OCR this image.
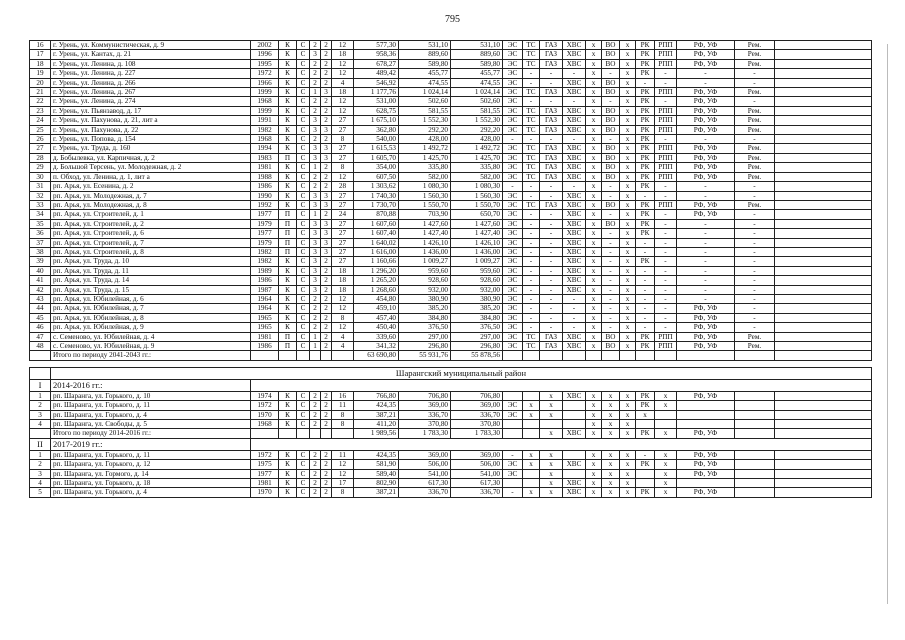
795
16	г. Урень, ул. Коммунистическая, д. 9	2002	К	С	2	2	12	577,30	531,10	531,10	ЭС	ТС	ГАЗ	ХВС	х	ВО	х	РК	РПП	РФ, УФ	Рем.	
17	г. Урень, ул. Кантах, д. 21	1996	К	С	3	2	18	958,36	889,60	889,60	ЭС	ТС	ГАЗ	ХВС	х	ВО	х	РК	РПП	РФ, УФ	Рем.	
18	г. Урень, ул. Ленина, д. 108	1995	К	С	2	2	12	678,27	589,80	589,80	ЭС	ТС	ГАЗ	ХВС	х	ВО	х	РК	РПП	РФ, УФ	Рем.	
19	г. Урень, ул. Ленина, д. 227	1972	К	С	2	2	12	489,42	455,77	455,77	ЭС	-	-	-	х	-	х	РК	-	-	-	
20	г. Урень, ул. Ленина, д. 266	1966	К	С	2	2	4	546,92	474,55	474,55	ЭС	-	-	ХВС	х	ВО	х	-	-	-	-	
21	г. Урень, ул. Ленина, д. 267	1999	К	С	1	3	18	1 177,76	1 024,14	1 024,14	ЭС	ТС	ГАЗ	ХВС	х	ВО	х	РК	РПП	РФ, УФ	Рем.	
22	г. Урень, ул. Ленина, д. 274	1968	К	С	2	2	12	531,00	502,60	502,60	ЭС	-	-	-	х	-	х	РК	-	РФ, УФ	-	
23	г. Урень, ул. Пьянзавод, д. 17	1999	К	С	2	2	12	628,75	581,55	581,55	ЭС	ТС	ГАЗ	ХВС	х	ВО	х	РК	РПП	РФ, УФ	Рем.	
24	г. Урень, ул. Пахунова, д. 21, лит а	1991	К	С	3	2	27	1 675,10	1 552,30	1 552,30	ЭС	ТС	ГАЗ	ХВС	х	ВО	х	РК	РПП	РФ, УФ	Рем.	
25	г. Урень, ул. Пахунова, д. 22	1982	К	С	3	3	27	362,80	292,20	292,20	ЭС	ТС	ГАЗ	ХВС	х	ВО	х	РК	РПП	РФ, УФ	Рем.	
26	г. Урень, ул. Попова, д. 154	1968	К	С	2	2	8	540,00	428,00	428,00	-	-	-	-	х	-	х	РК	-	-	-	
27	г. Урень, ул. Труда, д. 160	1994	К	С	3	3	27	1 615,53	1 492,72	1 492,72	ЭС	ТС	ГАЗ	ХВС	х	ВО	х	РК	РПП	РФ, УФ	Рем.	
28	д. Бобылевка, ул. Карпичная, д. 2	1983	П	С	3	3	27	1 605,70	1 425,70	1 425,70	ЭС	ТС	ГАЗ	ХВС	х	ВО	х	РК	РПП	РФ, УФ	Рем.	
29	д. Большой Терсень, ул. Молодежная, д. 2	1981	К	С	1	2	8	354,00	335,80	335,80	ЭС	ТС	ГАЗ	ХВС	х	ВО	х	РК	РПП	РФ, УФ	Рем.	
30	п. Обход, ул. Ленина, д. 1, лит а	1988	К	С	2	2	12	607,50	582,00	582,00	ЭС	ТС	ГАЗ	ХВС	х	ВО	х	РК	РПП	РФ, УФ	Рем.	
31	рп. Арья, ул. Есенина, д. 2	1986	К	С	2	2	28	1 303,62	1 080,30	1 080,30	-	-	-	-	х	-	х	РК	-	-	-	
32	рп. Арья, ул. Молодежная, д. 7	1990	К	С	3	3	27	1 740,30	1 560,30	1 560,30	ЭС	-	-	ХВС	х	-	х	-	-	-	-	
33	рп. Арья, ул. Молодежная, д. 8	1992	К	С	3	3	27	1 730,70	1 550,70	1 550,70	ЭС	ТС	ГАЗ	ХВС	х	ВО	х	РК	РПП	РФ, УФ	Рем.	
34	рп. Арья, ул. Строителей, д. 1	1977	П	С	1	2	24	870,88	703,90	650,70	ЭС	-	-	ХВС	х	-	х	РК	-	РФ, УФ	-	
35	рп. Арья, ул. Строителей, д. 2	1979	П	С	3	3	27	1 607,60	1 427,60	1 427,60	ЭС	-	-	ХВС	х	ВО	х	РК	-	-	-	
36	рп. Арья, ул. Строителей, д. 6	1977	П	С	3	3	27	1 607,40	1 427,40	1 427,40	ЭС	-	-	ХВС	х	-	х	РК	-	-	-	
37	рп. Арья, ул. Строителей, д. 7	1979	П	С	3	3	27	1 640,02	1 426,10	1 426,10	ЭС	-	-	ХВС	х	-	х	-	-	-	-	
38	рп. Арья, ул. Строителей, д. 8	1982	П	С	3	3	27	1 616,00	1 436,00	1 436,00	ЭС	-	-	ХВС	х	-	х	-	-	-	-	
39	рп. Арья, ул. Труда, д. 10	1982	К	С	3	2	27	1 160,66	1 009,27	1 009,27	ЭС	-	-	ХВС	х	-	х	РК	-	-	-	
40	рп. Арья, ул. Труда, д. 11	1989	К	С	3	2	18	1 296,20	959,60	959,60	ЭС	-	-	ХВС	х	-	х	-	-	-	-	
41	рп. Арья, ул. Труда, д. 14	1986	К	С	3	2	18	1 265,20	928,60	928,60	ЭС	-	-	ХВС	х	-	х	-	-	-	-	
42	рп. Арья, ул. Труда, д. 15	1987	К	С	3	2	18	1 268,60	932,00	932,00	ЭС	-	-	ХВС	х	-	х	-	-	-	-	
43	рп. Арья, ул. Юбилейная, д. 6	1964	К	С	2	2	12	454,80	380,90	380,90	ЭС	-	-	-	х	-	х	-	-	-	-	
44	рп. Арья, ул. Юбилейная, д. 7	1964	К	С	2	2	12	459,10	385,20	385,20	ЭС	-	-	-	х	-	х	-	-	РФ, УФ	-	
45	рп. Арья, ул. Юбилейная, д. 8	1965	К	С	2	2	8	457,40	384,80	384,80	ЭС	-	-	-	х	-	х	-	-	РФ, УФ	-	
46	рп. Арья, ул. Юбилейная, д. 9	1965	К	С	2	2	12	450,40	376,50	376,50	ЭС	-	-	-	х	-	х	-	-	РФ, УФ	-	
47	с. Семеново, ул. Юбилейная, д. 4	1981	П	С	1	2	4	339,60	297,00	297,00	ЭС	ТС	ГАЗ	ХВС	х	ВО	х	РК	РПП	РФ, УФ	Рем.	
48	с. Семеново, ул. Юбилейная, д. 9	1986	П	С	1	2	4	341,32	296,80	296,80	ЭС	ТС	ГАЗ	ХВС	х	ВО	х	РК	РПП	РФ, УФ	Рем.	
	Итого по периоду 2041-2043 гг.:							63 690,80	55 931,76	55 878,56												

	Шарангский муниципальный район																					
I	2014-2016 гг.:																					
1	рп. Шаранга, ул. Горького, д. 10	1974	К	С	2	2	16	766,80	706,80	706,80			х	ХВС	х	х	х	РК	х	РФ, УФ		
2	рп. Шаранга, ул. Горького, д. 11	1972	К	С	2	2	11	424,35	369,00	369,00	ЭС	х	х		х	х	х	РК	х			
3	рп. Шаранга, ул. Горького, д. 4	1970	К	С	2	2	8	387,21	336,70	336,70	ЭС	х	х		х	х	х	х				
4	рп. Шаранга, ул. Свободы, д. 5	1968	К	С	2	2	8	411,20	370,80	370,80					х	х	х					
	Итого по периоду 2014-2016 гг.:							1 989,56	1 783,30	1 783,30			х	ХВС	х	х	х	РК	х	РФ, УФ		
II	2017-2019 гг.:																					
1	рп. Шаранга, ул. Горького, д. 11	1972	К	С	2	2	11	424,35	369,00	369,00	-	х	х		х	х	х	-	х	РФ, УФ		
2	рп. Шаранга, ул. Горького, д. 12	1975	К	С	2	2	12	581,90	506,00	506,00	ЭС	х	х	ХВС	х	х	х	РК	х	РФ, УФ		
3	рп. Шаранга, ул. Гормого, д. 14	1977	К	С	2	2	12	589,40	541,00	541,00	ЭС		х		х	х	х		х	РФ, УФ		
4	рп. Шаранга, ул. Горького, д. 18	1981	К	С	2	2	17	802,90	617,30	617,30			х	ХВС	х	х	х		х			
5	рп. Шаранга, ул. Горького, д. 4	1970	К	С	2	2	8	387,21	336,70	336,70	-	х	х	ХВС	х	х	х	РК	х	РФ, УФ		
